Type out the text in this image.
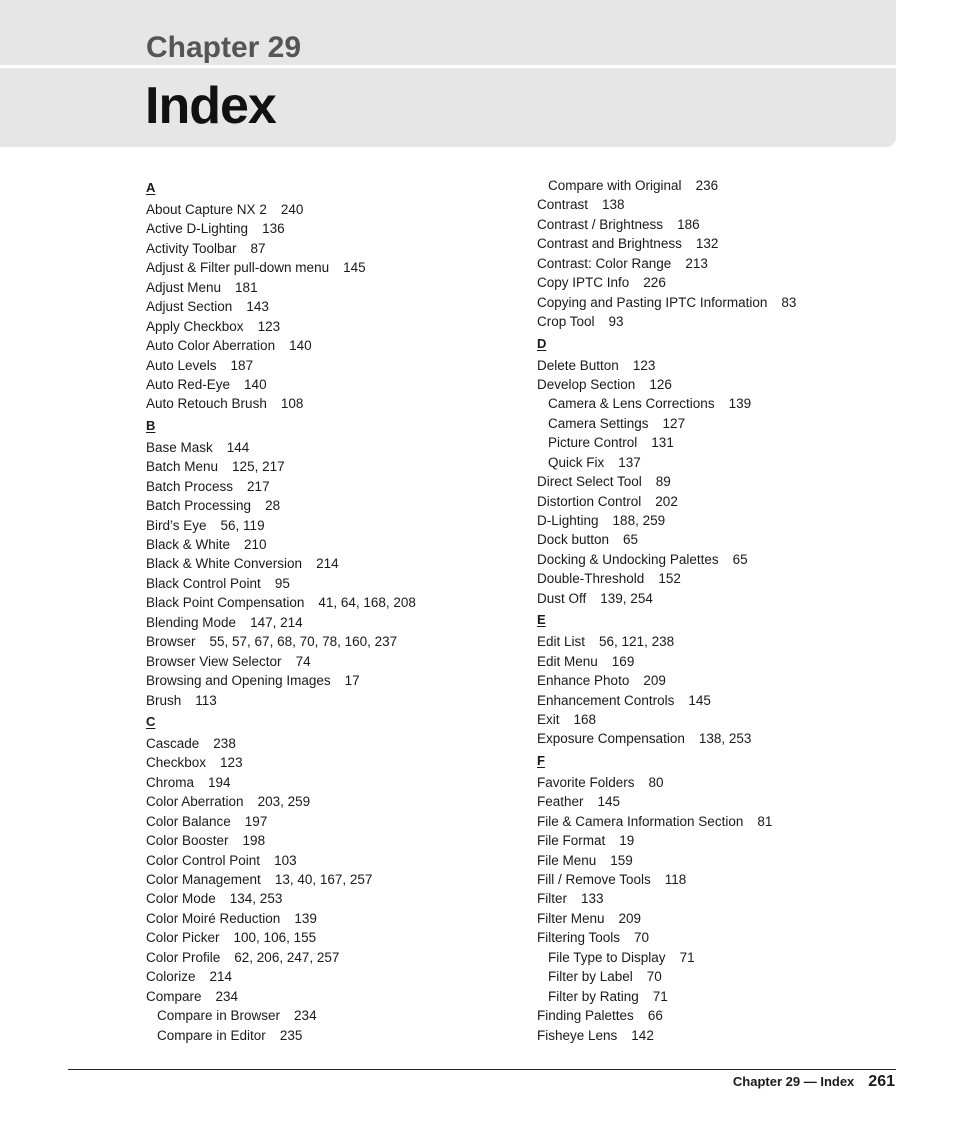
Chapter 29
Index
A
About Capture NX 2 240
Active D-Lighting 136
Activity Toolbar 87
Adjust & Filter pull-down menu 145
Adjust Menu 181
Adjust Section 143
Apply Checkbox 123
Auto Color Aberration 140
Auto Levels 187
Auto Red-Eye 140
Auto Retouch Brush 108
B
Base Mask 144
Batch Menu 125, 217
Batch Process 217
Batch Processing 28
Bird’s Eye 56, 119
Black & White 210
Black & White Conversion 214
Black Control Point 95
Black Point Compensation 41, 64, 168, 208
Blending Mode 147, 214
Browser 55, 57, 67, 68, 70, 78, 160, 237
Browser View Selector 74
Browsing and Opening Images 17
Brush 113
C
Cascade 238
Checkbox 123
Chroma 194
Color Aberration 203, 259
Color Balance 197
Color Booster 198
Color Control Point 103
Color Management 13, 40, 167, 257
Color Mode 134, 253
Color Moiré Reduction 139
Color Picker 100, 106, 155
Color Profile 62, 206, 247, 257
Colorize 214
Compare 234
Compare in Browser 234
Compare in Editor 235
Compare with Original 236
Contrast 138
Contrast / Brightness 186
Contrast and Brightness 132
Contrast: Color Range 213
Copy IPTC Info 226
Copying and Pasting IPTC Information 83
Crop Tool 93
D
Delete Button 123
Develop Section 126
Camera & Lens Corrections 139
Camera Settings 127
Picture Control 131
Quick Fix 137
Direct Select Tool 89
Distortion Control 202
D-Lighting 188, 259
Dock button 65
Docking & Undocking Palettes 65
Double-Threshold 152
Dust Off 139, 254
E
Edit List 56, 121, 238
Edit Menu 169
Enhance Photo 209
Enhancement Controls 145
Exit 168
Exposure Compensation 138, 253
F
Favorite Folders 80
Feather 145
File & Camera Information Section 81
File Format 19
File Menu 159
Fill / Remove Tools 118
Filter 133
Filter Menu 209
Filtering Tools 70
File Type to Display 71
Filter by Label 70
Filter by Rating 71
Finding Palettes 66
Fisheye Lens 142
Chapter 29 — Index 261
